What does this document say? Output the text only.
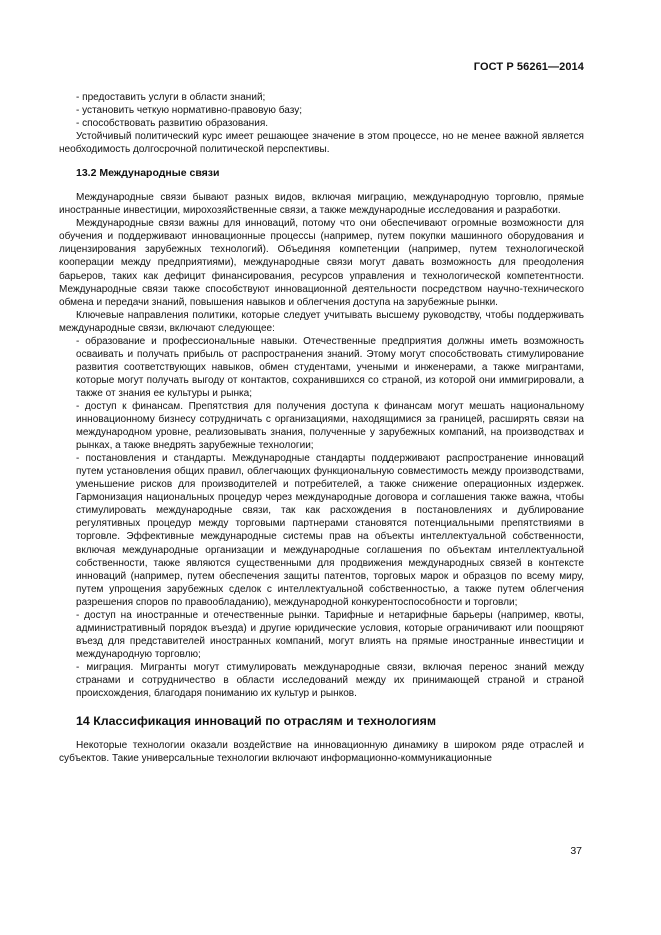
ГОСТ Р 56261—2014

- предоставить услуги в области знаний;

- установить четкую нормативно-правовую базу;

- способствовать развитию образования.

Устойчивый политический курс имеет решающее значение в этом процессе, но не менее важной является необходимость долгосрочной политической перспективы.

13.2 Международные связи

Международные связи бывают разных видов, включая миграцию, международную торговлю, прямые иностранные инвестиции, мирохозяйственные связи, а также международные исследования и разработки.

Международные связи важны для инноваций, потому что они обеспечивают огромные возможности для обучения и поддерживают инновационные процессы (например, путем покупки машинного оборудования и лицензирования зарубежных технологий). Объединяя компетенции (например, путем технологической кооперации между предприятиями), международные связи могут давать возможность для преодоления барьеров, таких как дефицит финансирования, ресурсов управления и технологической компетентности. Международные связи также способствуют инновационной деятельности посредством научно-технического обмена и передачи знаний, повышения навыков и облегчения доступа на зарубежные рынки.

Ключевые направления политики, которые следует учитывать высшему руководству, чтобы поддерживать международные связи, включают следующее:

- образование и профессиональные навыки. Отечественные предприятия должны иметь возможность осваивать и получать прибыль от распространения знаний. Этому могут способствовать стимулирование развития соответствующих навыков, обмен студентами, учеными и инженерами, а также мигрантами, которые могут получать выгоду от контактов, сохранившихся со страной, из которой они иммигрировали, а также от знания ее культуры и рынка;

- доступ к финансам. Препятствия для получения доступа к финансам могут мешать национальному инновационному бизнесу сотрудничать с организациями, находящимися за границей, расширять связи на международном уровне, реализовывать знания, полученные у зарубежных компаний, на производствах и рынках, а также внедрять зарубежные технологии;

- постановления и стандарты. Международные стандарты поддерживают распространение инноваций путем установления общих правил, облегчающих функциональную совместимость между производствами, уменьшение рисков для производителей и потребителей, а также снижение операционных издержек. Гармонизация национальных процедур через международные договора и соглашения также важна, чтобы стимулировать международные связи, так как расхождения в постановлениях и дублирование регулятивных процедур между торговыми партнерами становятся потенциальными препятствиями в торговле. Эффективные международные системы прав на объекты интеллектуальной собственности, включая международные организации и международные соглашения по объектам интеллектуальной собственности, также являются существенными для продвижения международных связей в контексте инноваций (например, путем обеспечения защиты патентов, торговых марок и образцов по всему миру, путем упрощения зарубежных сделок с интеллектуальной собственностью, а также путем облегчения разрешения споров по правообладанию), международной конкурентоспособности и торговли;

- доступ на иностранные и отечественные рынки. Тарифные и нетарифные барьеры (например, квоты, административный порядок въезда) и другие юридические условия, которые ограничивают или поощряют въезд для представителей иностранных компаний, могут влиять на прямые иностранные инвестиции и международную торговлю;

- миграция. Мигранты могут стимулировать международные связи, включая перенос знаний между странами и сотрудничество в области исследований между их принимающей страной и страной происхождения, благодаря пониманию их культур и рынков.

14 Классификация инноваций по отраслям и технологиям

Некоторые технологии оказали воздействие на инновационную динамику в широком ряде отраслей и субъектов. Такие универсальные технологии включают информационно-коммуникационные

37
